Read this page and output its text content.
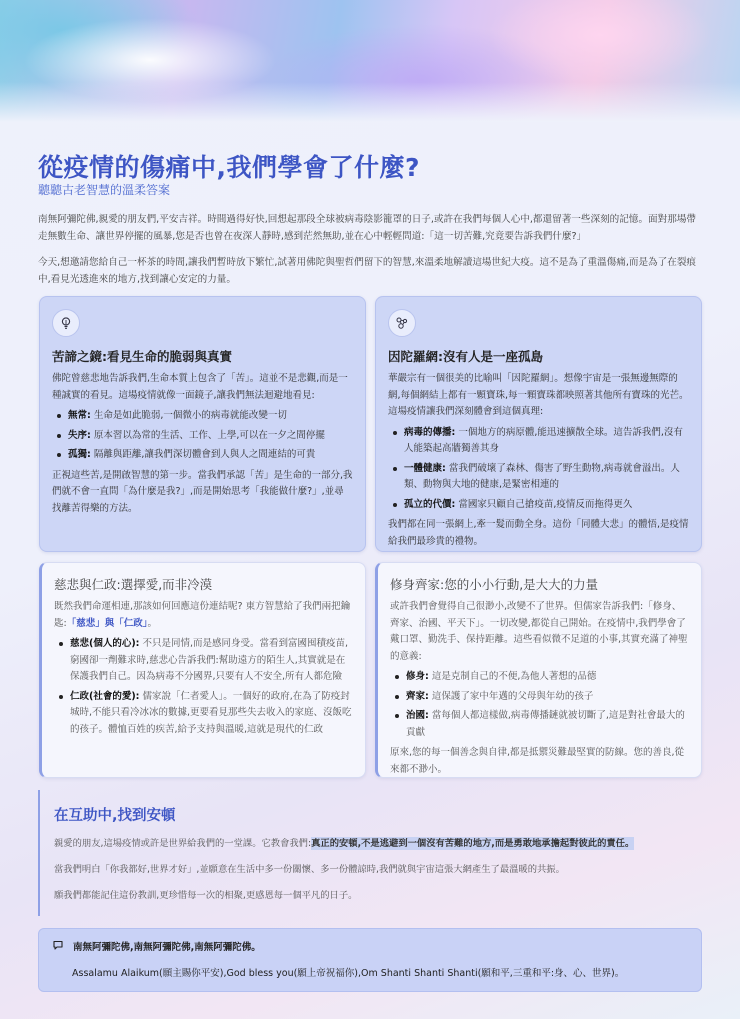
從疫情的傷痛中,我們學會了什麼?
聽聽古老智慧的溫柔答案

南無阿彌陀佛,親愛的朋友們,平安吉祥。時間過得好快,回想起那段全球被病毒陰影籠罩的日子,或許在我們每個人心中,都還留著一些深刻的記憶。面對那場帶走無數生命、讓世界停擺的風暴,您是否也曾在夜深人靜時,感到茫然無助,並在心中輕輕問道:「這一切苦難,究竟要告訴我們什麼?」

今天,想邀請您給自己一杯茶的時間,讓我們暫時放下繁忙,試著用佛陀與聖哲們留下的智慧,來溫柔地解讀這場世紀大疫。這不是為了重溫傷痛,而是為了在裂痕中,看見光透進來的地方,找到讓心安定的力量。

苦諦之鏡:看見生命的脆弱與真實

佛陀曾慈悲地告訴我們,生命本質上包含了「苦」。這並不是悲觀,而是一種誠實的看見。這場疫情就像一面鏡子,讓我們無法迴避地看見:

無常: 生命是如此脆弱,一個微小的病毒就能改變一切
失序: 原本習以為常的生活、工作、上學,可以在一夕之間停擺
孤獨: 隔離與距離,讓我們深切體會到人與人之間連結的可貴

正視這些苦,是開啟智慧的第一步。當我們承認「苦」是生命的一部分,我們就不會一直問「為什麼是我?」,而是開始思考「我能做什麼?」,並尋找離苦得樂的方法。

因陀羅網:沒有人是一座孤島

華嚴宗有一個很美的比喻叫「因陀羅網」。想像宇宙是一張無邊無際的網,每個網結上都有一顆寶珠,每一顆寶珠都映照著其他所有寶珠的光芒。這場疫情讓我們深刻體會到這個真理:

病毒的傳播: 一個地方的病原體,能迅速擴散全球。這告訴我們,沒有人能築起高牆獨善其身
一體健康: 當我們破壞了森林、傷害了野生動物,病毒就會溢出。人類、動物與大地的健康,是緊密相連的
孤立的代價: 當國家只顧自己搶疫苗,疫情反而拖得更久

我們都在同一張網上,牽一髮而動全身。這份「同體大悲」的體悟,是疫情給我們最珍貴的禮物。

慈悲與仁政:選擇愛,而非冷漠

既然我們命運相連,那該如何回應這份連結呢? 東方智慧給了我們兩把鑰匙:「慈悲」與「仁政」。

慈悲(個人的心): 不只是同情,而是感同身受。當看到富國囤積疫苗,窮國卻一劑難求時,慈悲心告訴我們:幫助遠方的陌生人,其實就是在保護我們自己。因為病毒不分國界,只要有人不安全,所有人都危險
仁政(社會的愛): 儒家說「仁者愛人」。一個好的政府,在為了防疫封城時,不能只看冷冰冰的數據,更要看見那些失去收入的家庭、沒飯吃的孩子。體恤百姓的疾苦,給予支持與溫暖,這就是現代的仁政
修身齊家:您的小小行動,是大大的力量

或許我們會覺得自己很渺小,改變不了世界。但儒家告訴我們:「修身、齊家、治國、平天下」。一切改變,都從自己開始。在疫情中,我們學會了戴口罩、勤洗手、保持距離。這些看似微不足道的小事,其實充滿了神聖的意義:

修身: 這是克制自己的不便,為他人著想的品德
齊家: 這保護了家中年邁的父母與年幼的孩子
治國: 當每個人都這樣做,病毒傳播鏈就被切斷了,這是對社會最大的貢獻

原來,您的每一個善念與自律,都是抵禦災難最堅實的防線。您的善良,從來都不渺小。

在互助中,找到安頓

親愛的朋友,這場疫情或許是世界給我們的一堂課。它教會我們:真正的安頓,不是逃避到一個沒有苦難的地方,而是勇敢地承擔起對彼此的責任。

當我們明白「你我都好,世界才好」,並願意在生活中多一份關懷、多一份體諒時,我們就與宇宙這張大網產生了最溫暖的共振。

願我們都能記住這份教訓,更珍惜每一次的相聚,更感恩每一個平凡的日子。

南無阿彌陀佛,南無阿彌陀佛,南無阿彌陀佛。
Assalamu Alaikum(願主賜你平安),God bless you(願上帝祝福你),Om Shanti Shanti Shanti(願和平,三重和平:身、心、世界)。
